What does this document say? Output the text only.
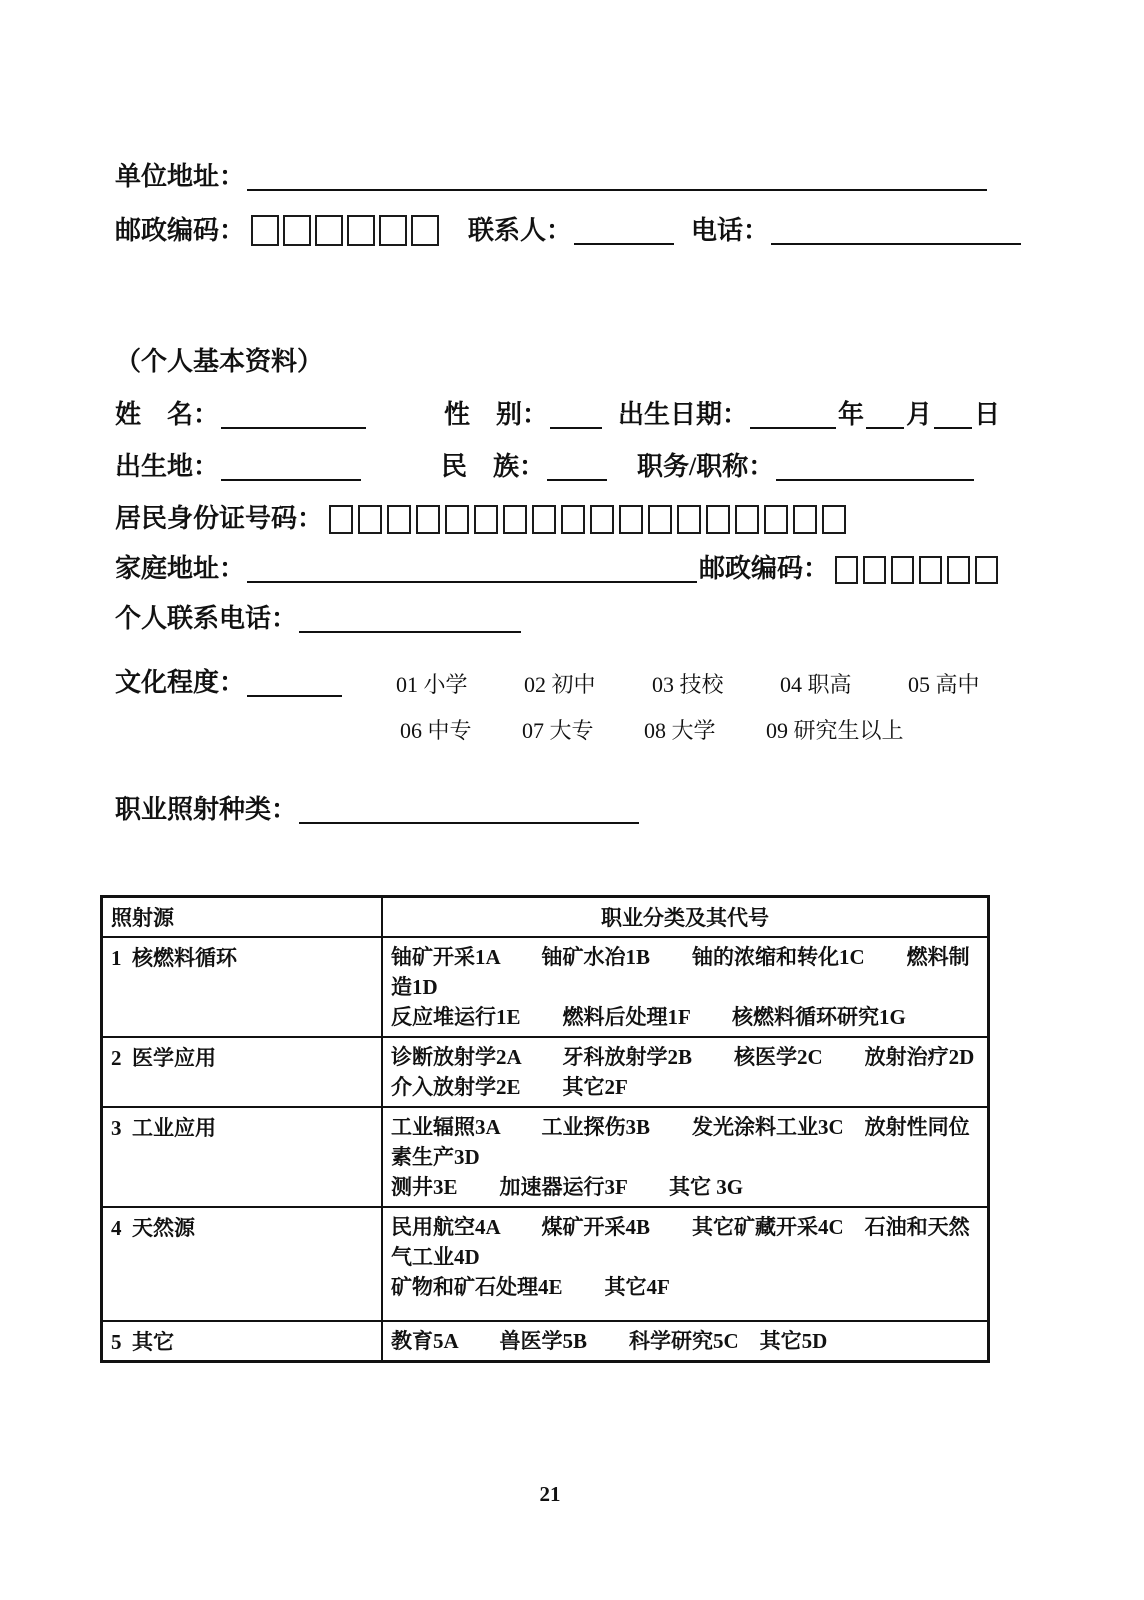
单位地址：
邮政编码：	联系人：	电话：
（个人基本资料）
姓　名：	性　别：	出生日期：	年 月 日
出生地：	民　族：	职务/职称：
居民身份证号码：
家庭地址：	邮政编码：
个人联系电话：
文化程度：	01 小学	02 初中	03 技校	04 职高	05 高中
06 中专	07 大专	08 大学	09 研究生以上
职业照射种类：
照射源	职业分类及其代号
1  核燃料循环	铀矿开采1A　　铀矿水冶1B　　铀的浓缩和转化1C　　燃料制造1D
反应堆运行1E　　燃料后处理1F　　核燃料循环研究1G

2  医学应用	诊断放射学2A　　牙科放射学2B　　核医学2C　　放射治疗2D
介入放射学2E　　其它2F

3  工业应用	工业辐照3A　　工业探伤3B　　发光涂料工业3C　放射性同位素生产3D
测井3E　　加速器运行3F　　其它 3G

4  天然源	民用航空4A　　煤矿开采4B　　其它矿藏开采4C　石油和天然气工业4D
矿物和矿石处理4E　　其它4F

5  其它	教育5A　　兽医学5B　　科学研究5C　其它5D
21
